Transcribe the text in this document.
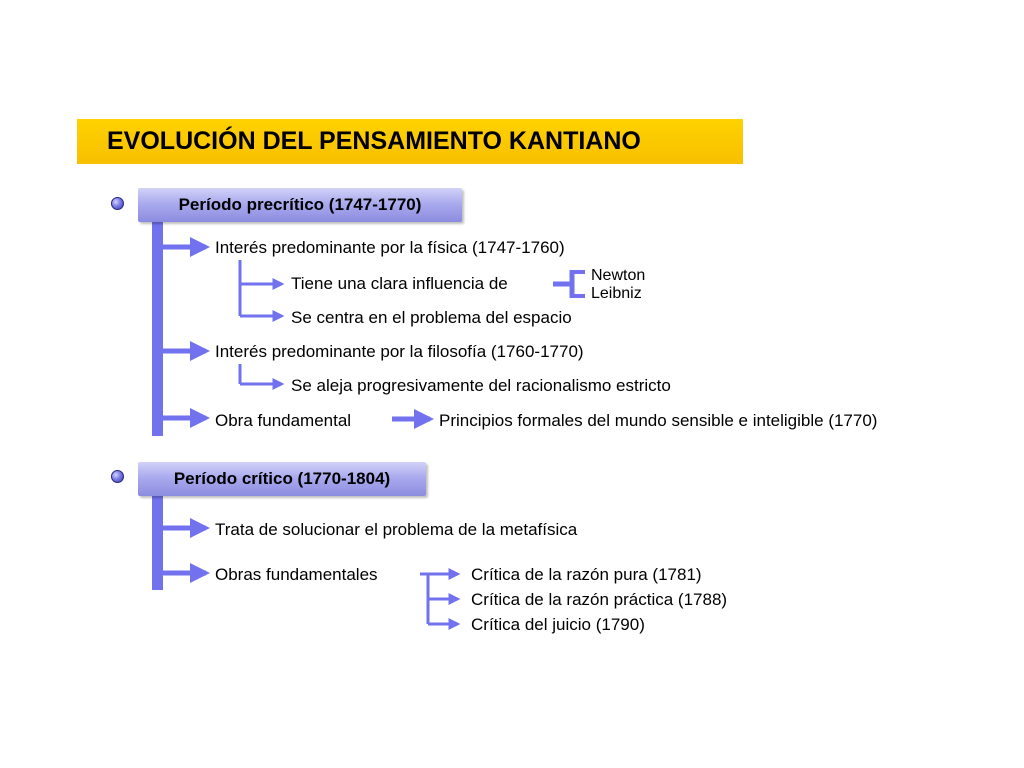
EVOLUCIÓN DEL PENSAMIENTO KANTIANO
Período precrítico (1747-1770)
Interés predominante por la física (1747-1760)
Tiene una clara influencia de	Newton
Leibniz
Se centra en el problema del espacio
Interés predominante por la filosofía (1760-1770)
Se aleja progresivamente del racionalismo estricto
Obra fundamental	Principios formales del mundo sensible e inteligible (1770)
Período crítico (1770-1804)
Trata de solucionar el problema de la metafísica
Obras fundamentales	Crítica de la razón pura (1781)
Crítica de la razón práctica (1788)
Crítica del juicio (1790)
